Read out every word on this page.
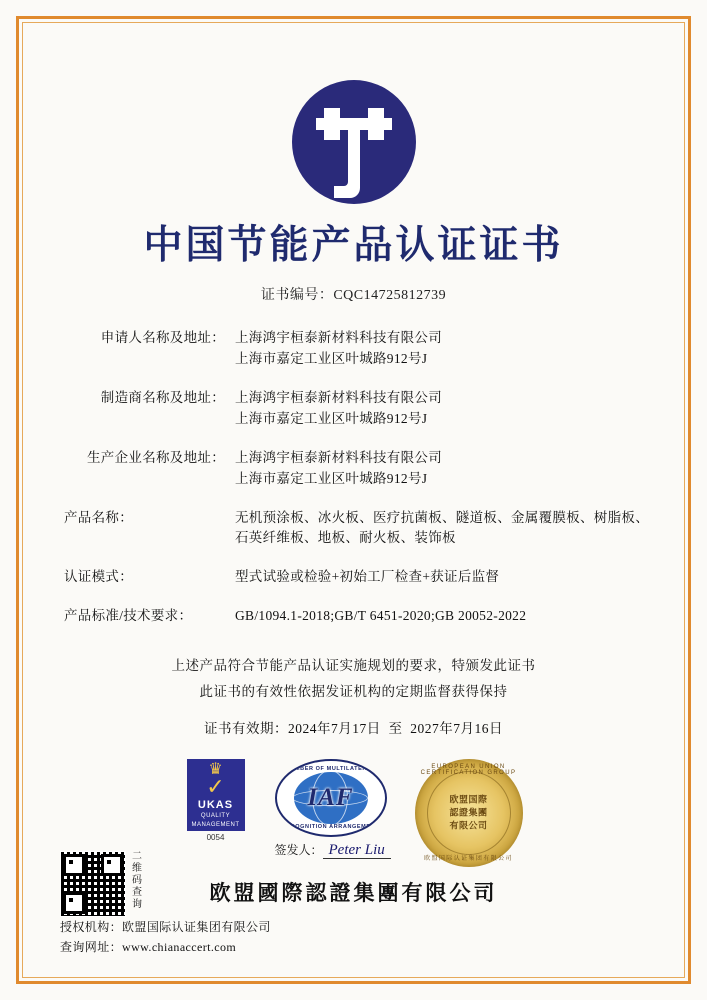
中国节能产品认证证书
证书编号：CQC14725812739
申请人名称及地址： 上海鸿宇桓泰新材料科技有限公司
上海市嘉定工业区叶城路912号J
制造商名称及地址： 上海鸿宇桓泰新材料科技有限公司
上海市嘉定工业区叶城路912号J
生产企业名称及地址： 上海鸿宇桓泰新材料科技有限公司
上海市嘉定工业区叶城路912号J
产品名称：	无机预涂板、冰火板、医疗抗菌板、隧道板、金属覆膜板、树脂板、
石英纤维板、地板、耐火板、装饰板
认证模式：	型式试验或检验+初始工厂检查+获证后监督
产品标准/技术要求：	GB/1094.1-2018;GB/T 6451-2020;GB 20052-2022
上述产品符合节能产品认证实施规划的要求，特颁发此证书
此证书的有效性依据发证机构的定期监督获得保持
证书有效期：2024年7月17日 至 2027年7月16日
♛
✓
UKAS
QUALITY
MANAGEMENT
0054
MEMBER OF MULTILATERAL
IAF
RECOGNITION ARRANGEMENT
签发人： Peter Liu
EUROPEAN UNION CERTIFICATION GROUP
欧盟国際
認證集團
有限公司
欧盟国际认证集团有限公司
欧盟國際認證集團有限公司
二维码查询
授权机构：欧盟国际认证集团有限公司
查询网址：www.chianaccert.com
